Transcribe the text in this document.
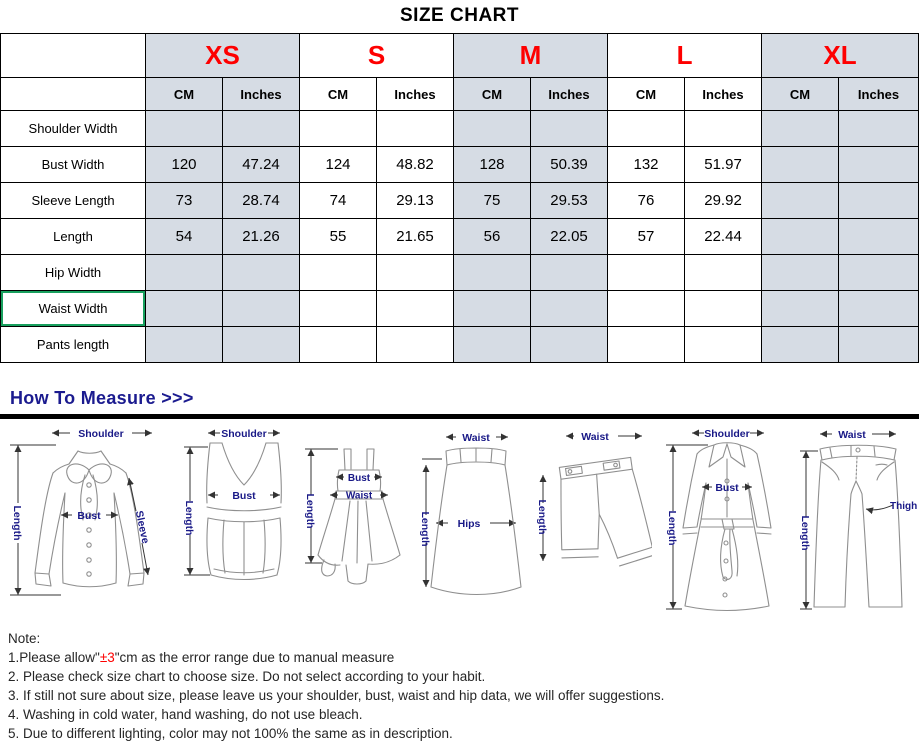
SIZE CHART
	XS		S		M		L		XL	
	CM	Inches	CM	Inches	CM	Inches	CM	Inches	CM	Inches
Shoulder Width										
Bust Width	120	47.24	124	48.82	128	50.39	132	51.97		
Sleeve Length	73	28.74	74	29.13	75	29.53	76	29.92		
Length	54	21.26	55	21.65	56	22.05	57	22.44		
Hip Width										
Waist Width										
Pants length										
How To Measure >>>
Shoulder
Length	Bust	Sleeve
Shoulder
Length
Bust	Length
Bust
Waist
Waist
Hips
Length
Waist
Length
Shoulder
Length
Bust
Waist
Length
Thigh
Note:
1.Please allow"±3"cm as the error range due to manual measure
2. Please check size chart to choose size. Do not select according to your habit.
3. If still not sure about size, please leave us your shoulder, bust, waist and hip data, we will offer suggestions.
4. Washing in cold water, hand washing, do not use bleach.
5. Due to different lighting, color may not 100% the same as in description.
